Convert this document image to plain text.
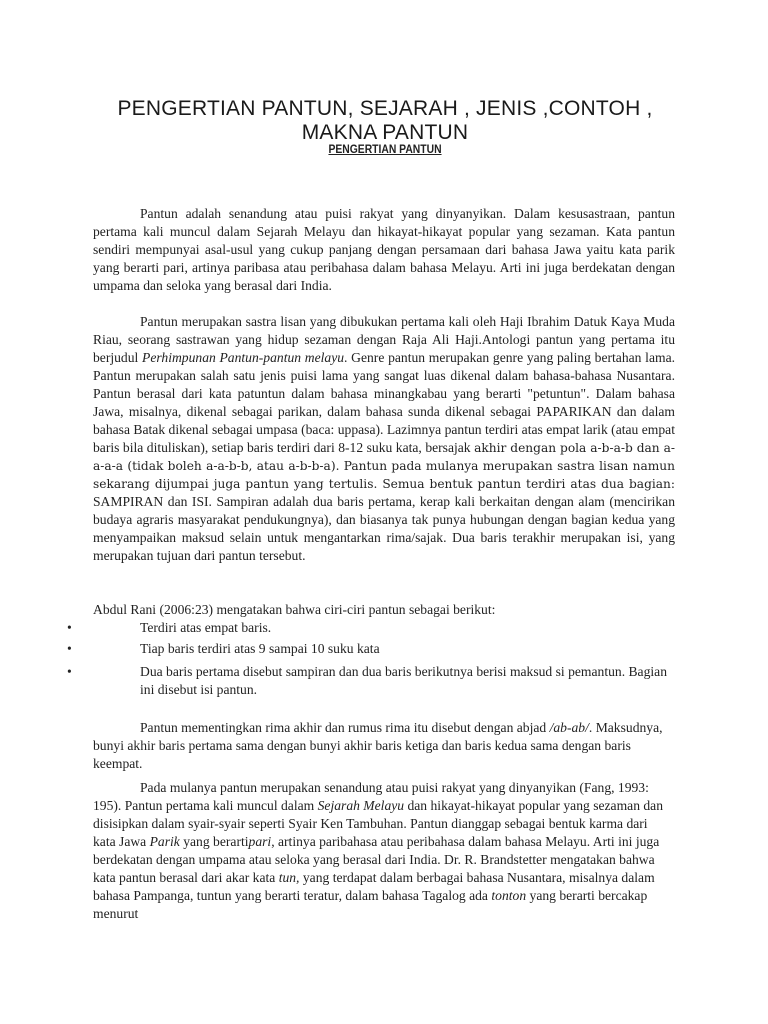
PENGERTIAN PANTUN, SEJARAH , JENIS ,CONTOH , MAKNA PANTUN
PENGERTIAN PANTUN

Pantun adalah senandung atau puisi rakyat yang dinyanyikan. Dalam kesusastraan, pantun pertama kali muncul dalam Sejarah Melayu dan hikayat-hikayat popular yang sezaman. Kata pantun sendiri mempunyai asal-usul yang cukup panjang dengan persamaan dari bahasa Jawa yaitu kata parik yang berarti pari, artinya paribasa atau peribahasa dalam bahasa Melayu. Arti ini juga berdekatan dengan umpama dan seloka yang berasal dari India.

Pantun merupakan sastra lisan yang dibukukan pertama kali oleh Haji Ibrahim Datuk Kaya Muda Riau, seorang sastrawan yang hidup sezaman dengan Raja Ali Haji.Antologi pantun yang pertama itu berjudul Perhimpunan Pantun-pantun melayu. Genre pantun merupakan genre yang paling bertahan lama. Pantun merupakan salah satu jenis puisi lama yang sangat luas dikenal dalam bahasa-bahasa Nusantara. Pantun berasal dari kata patuntun dalam bahasa minangkabau yang berarti "petuntun". Dalam bahasa Jawa, misalnya, dikenal sebagai parikan, dalam bahasa sunda dikenal sebagai PAPARIKAN dan dalam bahasa Batak dikenal sebagai umpasa (baca: uppasa). Lazimnya pantun terdiri atas empat larik (atau empat baris bila dituliskan), setiap baris terdiri dari 8-12 suku kata, bersajak akhir dengan pola a-b-a-b dan a-a-a-a (tidak boleh a-a-b-b, atau a-b-b-a). Pantun pada mulanya merupakan sastra lisan namun sekarang dijumpai juga pantun yang tertulis. Semua bentuk pantun terdiri atas dua bagian: SAMPIRAN dan ISI. Sampiran adalah dua baris pertama, kerap kali berkaitan dengan alam (mencirikan budaya agraris masyarakat pendukungnya), dan biasanya tak punya hubungan dengan bagian kedua yang menyampaikan maksud selain untuk mengantarkan rima/sajak. Dua baris terakhir merupakan isi, yang merupakan tujuan dari pantun tersebut.

Abdul Rani (2006:23) mengatakan bahwa ciri-ciri pantun sebagai berikut:
•	Terdiri atas empat baris.
•	Tiap baris terdiri atas 9 sampai 10 suku kata
•	Dua baris pertama disebut sampiran dan dua baris berikutnya berisi maksud si pemantun. Bagian ini disebut isi pantun.

Pantun mementingkan rima akhir dan rumus rima itu disebut dengan abjad /ab-ab/. Maksudnya, bunyi akhir baris pertama sama dengan bunyi akhir baris ketiga dan baris kedua sama dengan baris keempat.

Pada mulanya pantun merupakan senandung atau puisi rakyat yang dinyanyikan (Fang, 1993: 195). Pantun pertama kali muncul dalam Sejarah Melayu dan hikayat-hikayat popular yang sezaman dan disisipkan dalam syair-syair seperti Syair Ken Tambuhan. Pantun dianggap sebagai bentuk karma dari kata Jawa Parik yang berartipari, artinya paribahasa atau peribahasa dalam bahasa Melayu. Arti ini juga berdekatan dengan umpama atau seloka yang berasal dari India. Dr. R. Brandstetter mengatakan bahwa kata pantun berasal dari akar kata tun, yang terdapat dalam berbagai bahasa Nusantara, misalnya dalam bahasa Pampanga, tuntun yang berarti teratur, dalam bahasa Tagalog ada tonton yang berarti bercakap menurut
